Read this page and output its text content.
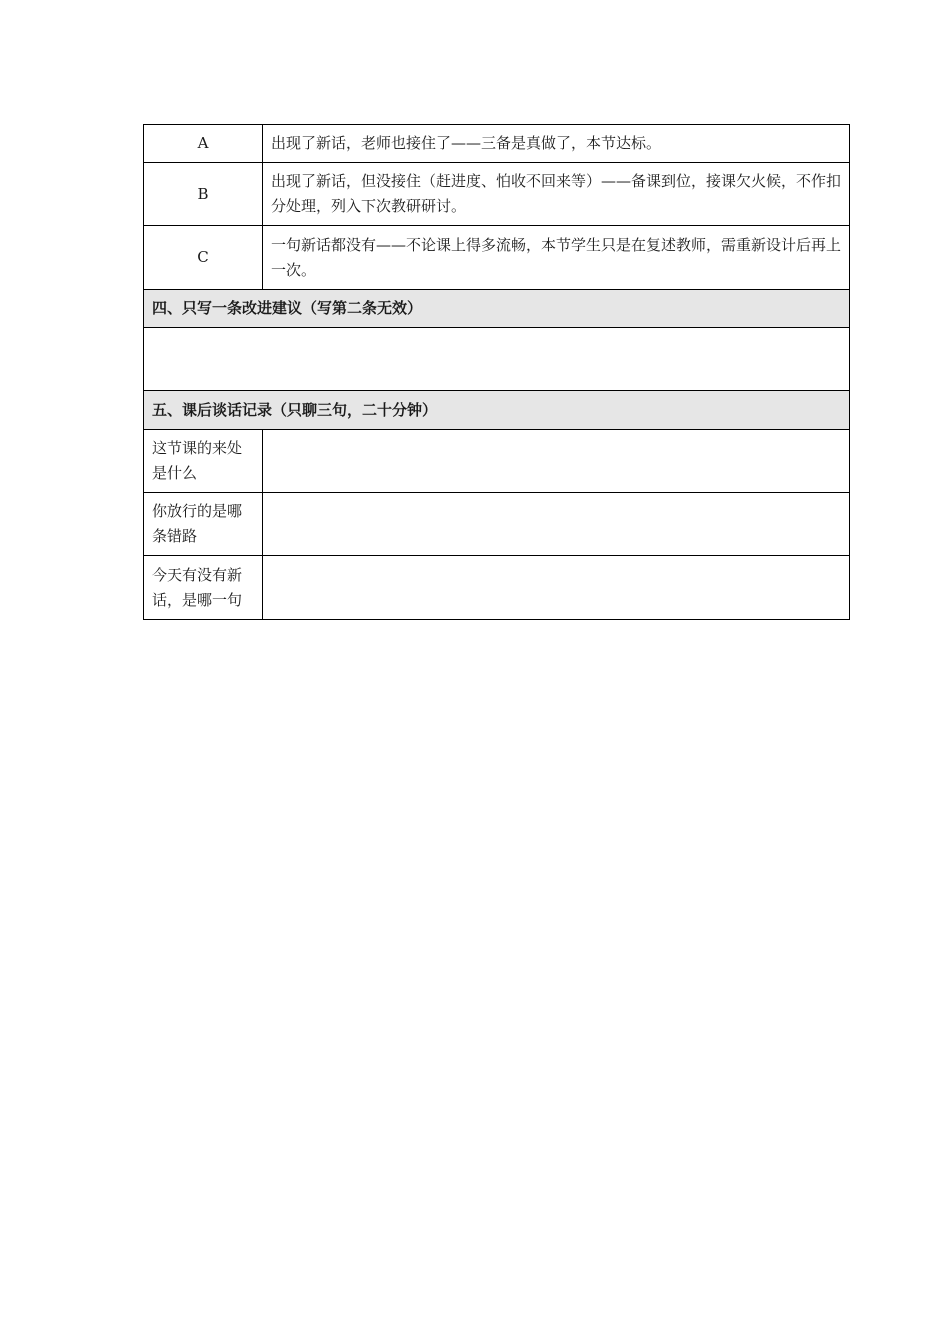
A	出现了新话，老师也接住了——三备是真做了，本节达标。
B	出现了新话，但没接住（赶进度、怕收不回来等）——备课到位，接课欠火候，不作扣分处理，列入下次教研研讨。
C	一句新话都没有——不论课上得多流畅，本节学生只是在复述教师，需重新设计后再上一次。
四、只写一条改进建议（写第二条无效）	

五、课后谈话记录（只聊三句，二十分钟）	
这节课的来处是什么	
你放行的是哪条错路	
今天有没有新话，是哪一句	
